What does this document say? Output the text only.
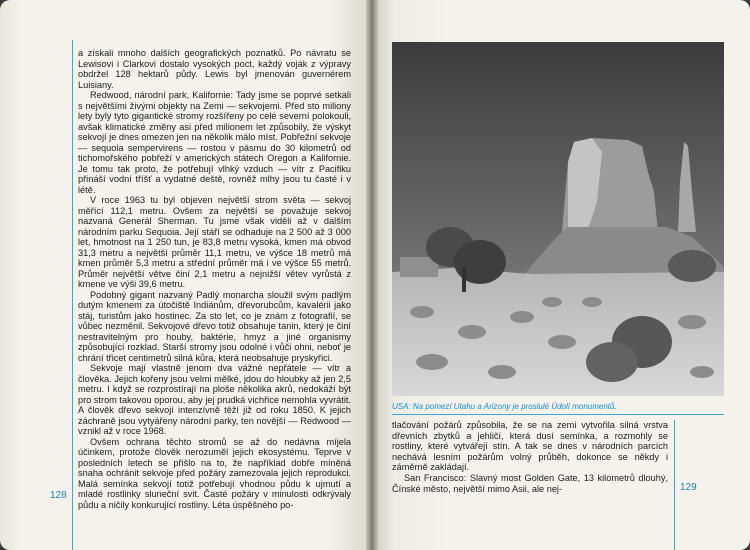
128

a získali mnoho dalších geografických poznatků. Po návratu se Lewisovi i Clarkovi dostalo vysokých poct, každý voják z výpravy obdržel 128 hektarů půdy. Lewis byl jmenován guvernérem Luisiany.

Redwood, národní park, Kalifornie: Tady jsme se poprvé setkali s největšími živými objekty na Zemi — sekvojemi. Před sto miliony lety byly tyto gigantické stromy rozšířeny po celé severní polokouli, avšak klimatické změny asi před milionem let způsobily, že výskyt sekvojí je dnes omezen jen na několik málo míst. Pobřežní sekvoje — sequoia sempervirens — rostou v pásmu do 30 kilometrů od tichomořského pobřeží v amerických státech Oregon a Kalifornie. Je tomu tak proto, že potřebují vlhký vzduch — vítr z Pacifiku přináší vodní tříšť a vydatné deště, rovněž mlhy jsou tu časté i v létě.

V roce 1963 tu byl objeven největší strom světa — sekvoj měřící 112,1 metru. Ovšem za největší se považuje sekvoj nazvaná Generál Sherman. Tu jsme však viděli až v dalším národním parku Sequoia. Její stáří se odhaduje na 2 500 až 3 000 let, hmotnost na 1 250 tun, je 83,8 metru vysoká, kmen má obvod 31,3 metru a největší průměr 11,1 metru, ve výšce 18 metrů má kmen průměr 5,3 metru a střední průměr má i ve výšce 55 metrů. Průměr největší větve činí 2,1 metru a nejnižší větev vyrůstá z kmene ve výši 39,6 metru.

Podobný gigant nazvaný Padlý monarcha sloužil svým padlým dutým kmenem za útočiště Indiánům, dřevorubcům, kavalérii jako stáj, turistům jako hostinec. Za sto let, co je znám z fotografií, se vůbec nezměnil. Sekvojové dřevo totiž obsahuje tanin, který je činí nestravitelným pro houby, baktérie, hmyz a jiné organismy způsobující rozklad. Starší stromy jsou odolné i vůči ohni, neboť je chrání třicet centimetrů silná kůra, která neobsahuje pryskyřici.

Sekvoje mají vlastně jenom dva vážné nepřátele — vítr a člověka. Jejich kořeny jsou velmi mělké, jdou do hloubky až jen 2,5 metru. I když se rozprostírají na ploše několika akrů, nedokáží být pro strom takovou oporou, aby jej prudká vichřice nemohla vyvrátit. A člověk dřevo sekvojí intenzívně těží již od roku 1850. K jejich záchraně jsou vytyářeny národní parky, ten novější — Redwood — vznikl až v roce 1968.

Ovšem ochrana těchto stromů se až do nedávna míjela účinkem, protože člověk nerozuměl jejich ekosystému. Teprve v posledních letech se přišlo na to, že například dobře míněná snaha ochránit sekvoje před požáry zamezovala jejich reprodukci. Malá semínka sekvojí totiž potřebují vhodnou půdu k ujmutí a mladé rostlinky sluneční svit. Časté požáry v minulosti odkrývaly půdu a ničily konkurující rostliny. Léta úspěšného po-

USA: Na pomezí Utahu a Arizony je proslulé Údolí monumentů.

tlačování požárů způsobila, že se na zemi vytvořila silná vrstva dřevních zbytků a jehličí, která dusí semínka, a rozmohly se rostliny, které vytvářejí stín. A tak se dnes v národních parcích nechává lesním požárům volný průběh, dokonce se někdy i záměrně zakládají.

San Francisco: Slavný most Golden Gate, 13 kilometrů dlouhý, Čínské město, největší mimo Asii, ale nej-	129
